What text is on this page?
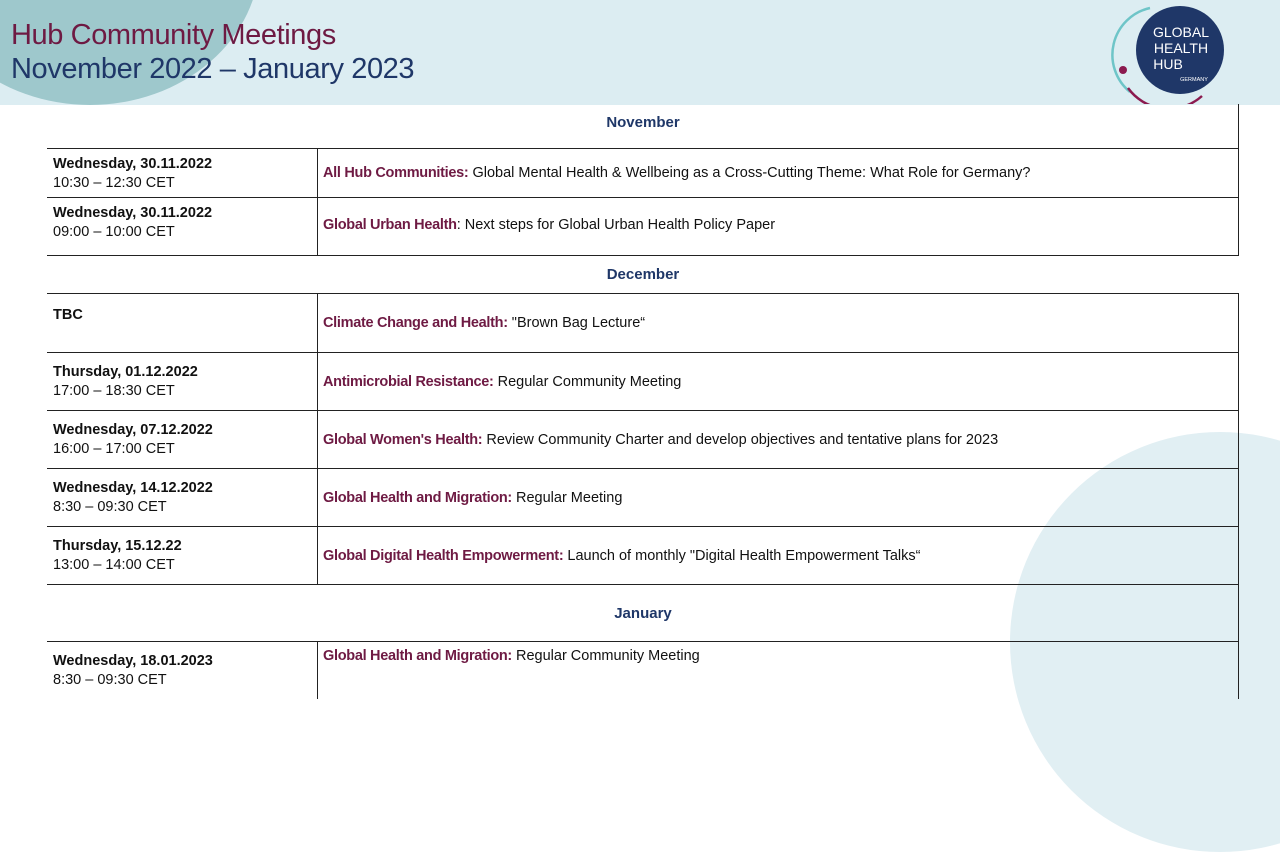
Hub Community Meetings
November 2022 – January 2023
GLOBAL
HEALTH
HUB
GERMANY
November
Wednesday, 30.11.2022
10:30 – 12:30 CET
All Hub Communities: Global Mental Health & Wellbeing as a Cross-Cutting Theme: What Role for Germany?
Wednesday, 30.11.2022
09:00 – 10:00 CET	Global Urban Health: Next steps for Global Urban Health Policy Paper
December
TBC	Climate Change and Health: "Brown Bag Lecture“
Thursday, 01.12.2022
17:00 – 18:30 CET
Antimicrobial Resistance: Regular Community Meeting
Wednesday, 07.12.2022
16:00 – 17:00 CET
Global Women's Health: Review Community Charter and develop objectives and tentative plans for 2023
Wednesday, 14.12.2022
8:30 – 09:30 CET
Global Health and Migration: Regular Meeting
Thursday, 15.12.22
13:00 – 14:00 CET
Global Digital Health Empowerment: Launch of monthly "Digital Health Empowerment Talks“
January
Wednesday, 18.01.2023
8:30 – 09:30 CET
Global Health and Migration: Regular Community Meeting
